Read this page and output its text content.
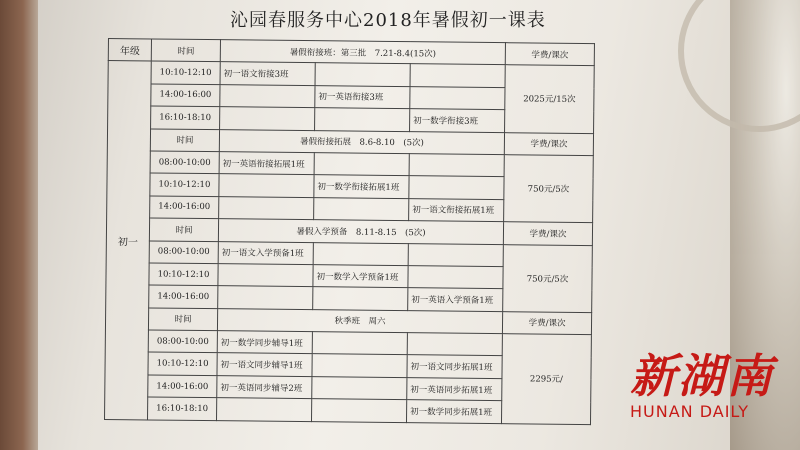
沁园春服务中心2018年暑假初一课表
年级	时间	暑假衔接班：第三批　7.21-8.4(15次)			学费/课次
初一	10:10-12:10	初一语文衔接3班			2025元/15次
	14:00-16:00		初一英语衔接3班		
	16:10-18:10			初一数学衔接3班	
	时间	暑假衔接拓展　8.6-8.10　(5次)			学费/课次
	08:00-10:00	初一英语衔接拓展1班			750元/5次
	10:10-12:10		初一数学衔接拓展1班		
	14:00-16:00			初一语文衔接拓展1班	
	时间	暑假入学预备　8.11-8.15　(5次)			学费/课次
	08:00-10:00	初一语文入学预备1班			750元/5次
	10:10-12:10		初一数学入学预备1班		
	14:00-16:00			初一英语入学预备1班	
	时间	秋季班　周六			学费/课次
	08:00-10:00	初一数学同步辅导1班			2295元/
	10:10-12:10	初一语文同步辅导1班		初一语文同步拓展1班	
	14:00-16:00	初一英语同步辅导2班		初一英语同步拓展1班	
	16:10-18:10			初一数学同步拓展1班	
新湖南
HUNAN DAILY
